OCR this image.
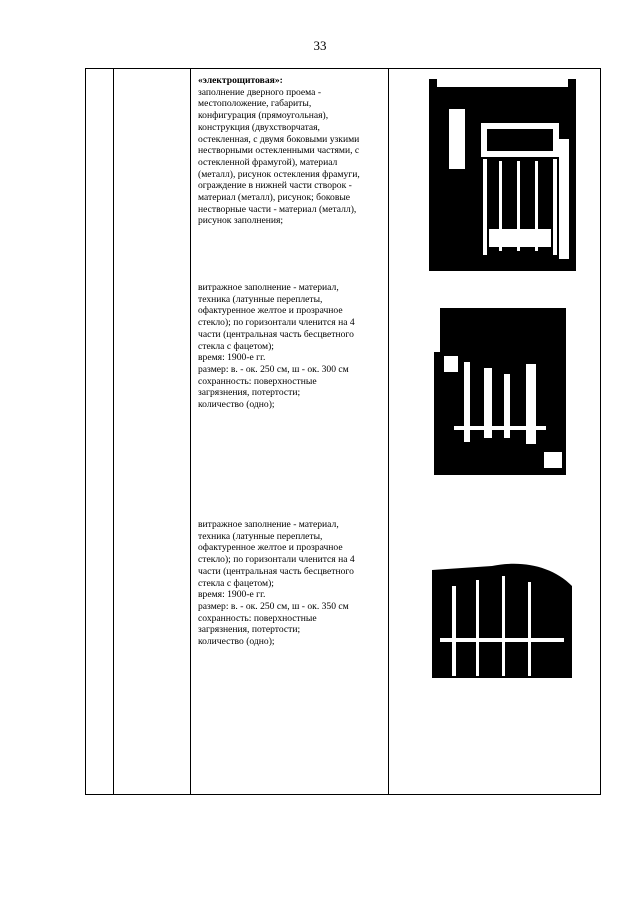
33
«электрощитовая»:
заполнение дверного проема -
местоположение, габариты,
конфигурация (прямоугольная),
конструкция (двухстворчатая,
остекленная, с двумя боковыми узкими
нестворными остекленными частями, с
остекленной фрамугой), материал
(металл), рисунок остекления фрамуги,
ограждение в нижней части створок -
материал (металл), рисунок; боковые
нестворные части - материал (металл),
рисунок заполнения;
витражное заполнение - материал,
техника (латунные переплеты,
офактуренное желтое и прозрачное
стекло); по горизонтали членится на 4
части (центральная часть бесцветного
стекла с фацетом);
время: 1900-е гг.
размер: в. - ок. 250 см, ш - ок. 300 см
сохранность: поверхностные
загрязнения, потертости;
количество (одно);
витражное заполнение - материал,
техника (латунные переплеты,
офактуренное желтое и прозрачное
стекло); по горизонтали членится на 4
части (центральная часть бесцветного
стекла с фацетом);
время: 1900-е гг.
размер: в. - ок. 250 см, ш - ок. 350 см
сохранность: поверхностные
загрязнения, потертости;
количество (одно);
